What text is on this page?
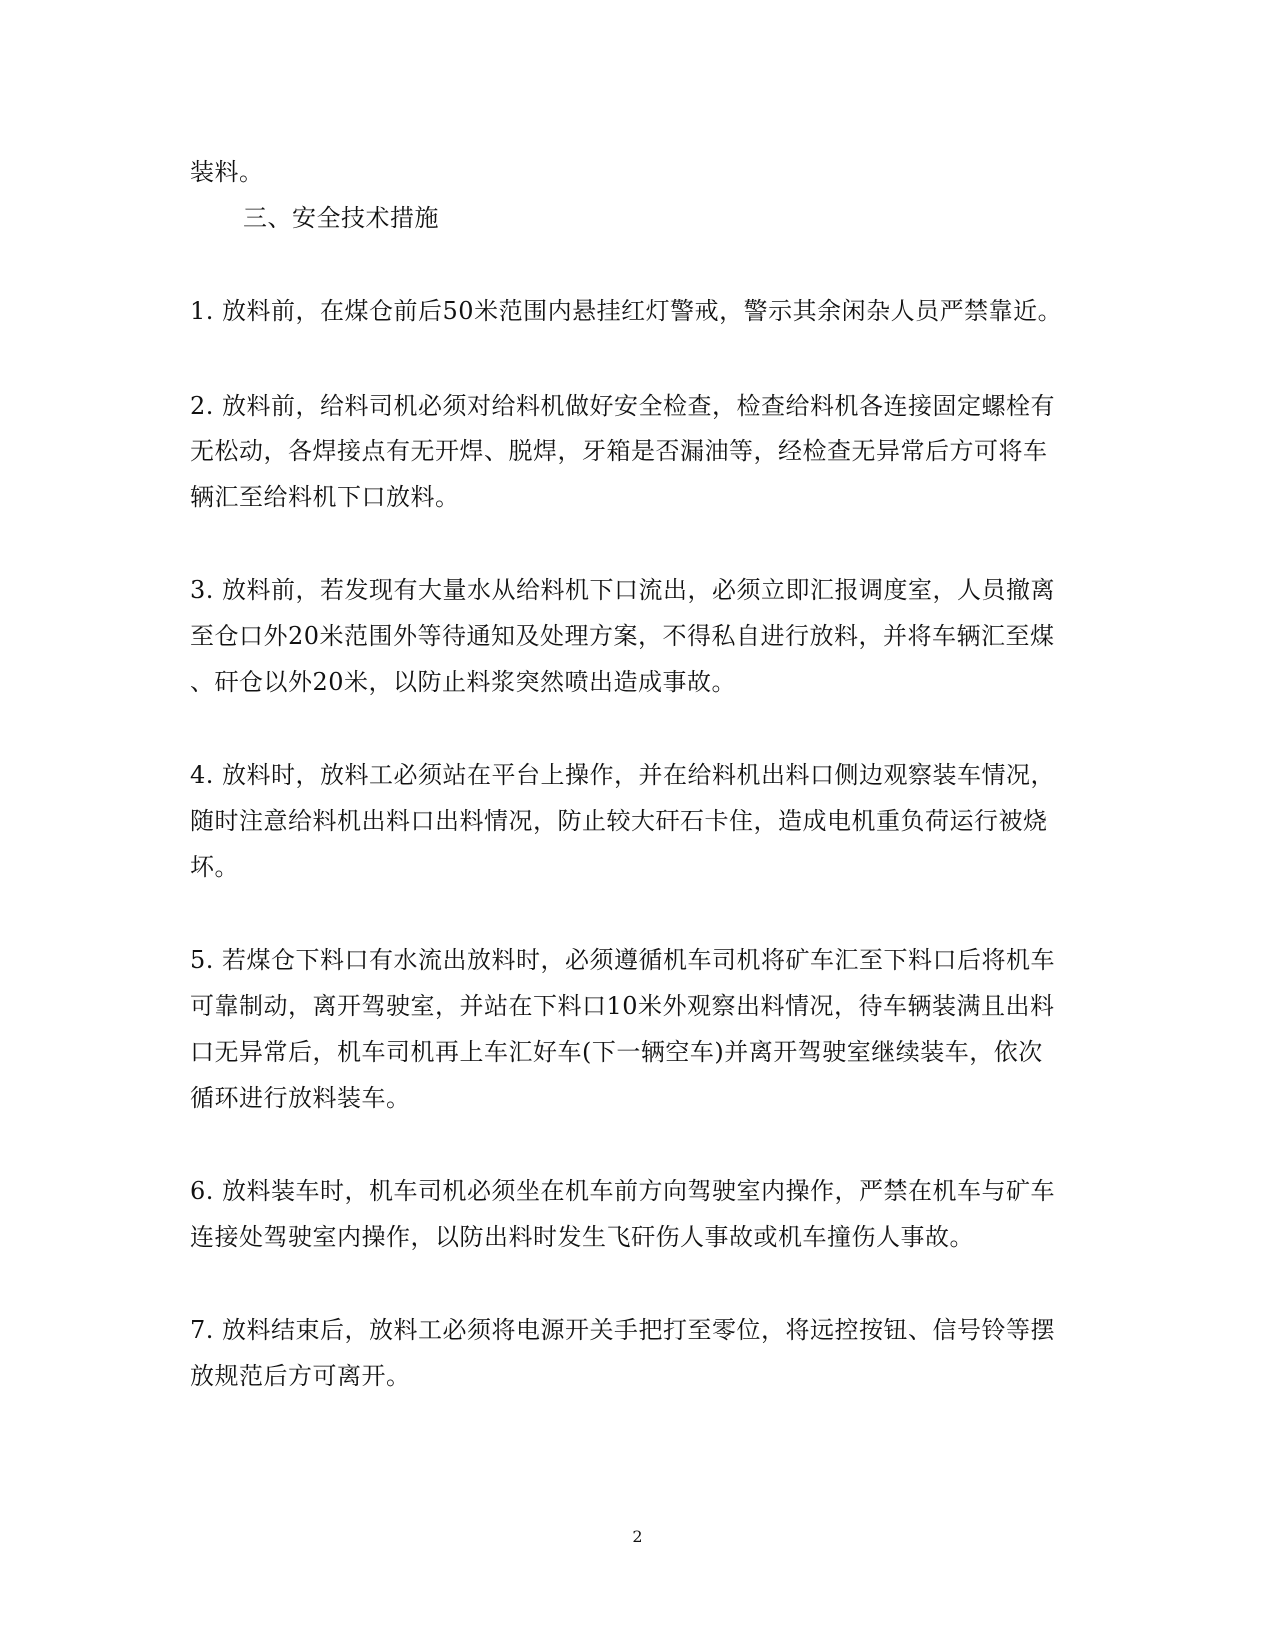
装料。
三、安全技术措施
1. 放料前，在煤仓前后50米范围内悬挂红灯警戒，警示其余闲杂人员严禁靠近。
2. 放料前，给料司机必须对给料机做好安全检查，检查给料机各连接固定螺栓有
无松动，各焊接点有无开焊、脱焊，牙箱是否漏油等，经检查无异常后方可将车
辆汇至给料机下口放料。
3. 放料前，若发现有大量水从给料机下口流出，必须立即汇报调度室，人员撤离
至仓口外20米范围外等待通知及处理方案，不得私自进行放料，并将车辆汇至煤
、矸仓以外20米，以防止料浆突然喷出造成事故。
4. 放料时，放料工必须站在平台上操作，并在给料机出料口侧边观察装车情况，
随时注意给料机出料口出料情况，防止较大矸石卡住，造成电机重负荷运行被烧
坏。
5. 若煤仓下料口有水流出放料时，必须遵循机车司机将矿车汇至下料口后将机车
可靠制动，离开驾驶室，并站在下料口10米外观察出料情况，待车辆装满且出料
口无异常后，机车司机再上车汇好车(下一辆空车)并离开驾驶室继续装车，依次
循环进行放料装车。
6. 放料装车时，机车司机必须坐在机车前方向驾驶室内操作，严禁在机车与矿车
连接处驾驶室内操作，以防出料时发生飞矸伤人事故或机车撞伤人事故。
7. 放料结束后，放料工必须将电源开关手把打至零位，将远控按钮、信号铃等摆
放规范后方可离开。
2
